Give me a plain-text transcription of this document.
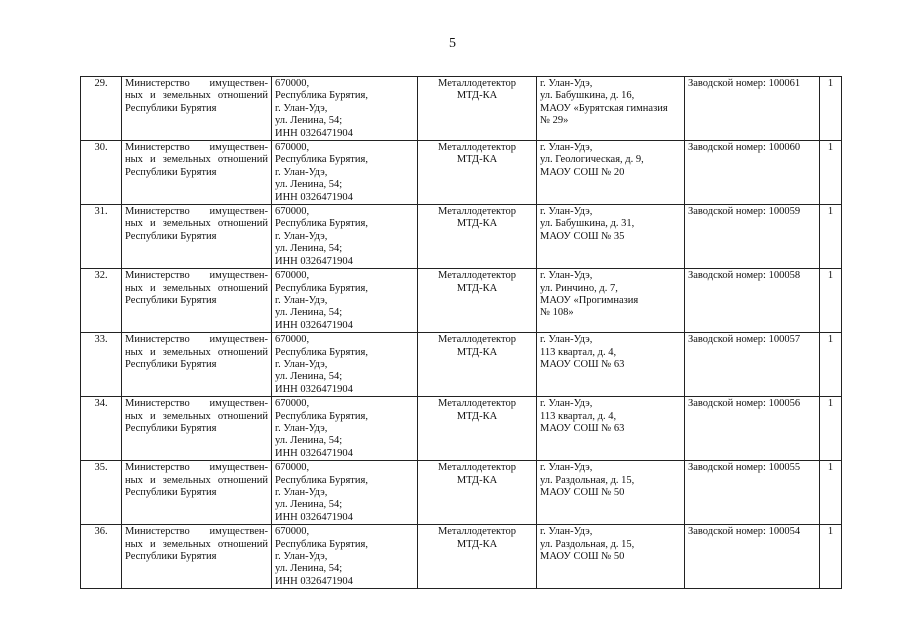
5
29.	Министерство имуществен-
ных и земельных отношений
Республики Бурятия	670000,
Республика Бурятия,
г. Улан-Удэ,
ул. Ленина, 54;
ИНН 0326471904	Металлодетектор
МТД-КА	г. Улан-Удэ,
ул. Бабушкина, д. 16,
МАОУ «Бурятская гимназия
№ 29»	Заводской номер: 100061	1
30.	Министерство имуществен-
ных и земельных отношений
Республики Бурятия	670000,
Республика Бурятия,
г. Улан-Удэ,
ул. Ленина, 54;
ИНН 0326471904	Металлодетектор
МТД-КА	г. Улан-Удэ,
ул. Геологическая, д. 9,
МАОУ СОШ № 20	Заводской номер: 100060	1
31.	Министерство имуществен-
ных и земельных отношений
Республики Бурятия	670000,
Республика Бурятия,
г. Улан-Удэ,
ул. Ленина, 54;
ИНН 0326471904	Металлодетектор
МТД-КА	г. Улан-Удэ,
ул. Бабушкина, д. 31,
МАОУ СОШ № 35	Заводской номер: 100059	1
32.	Министерство имуществен-
ных и земельных отношений
Республики Бурятия	670000,
Республика Бурятия,
г. Улан-Удэ,
ул. Ленина, 54;
ИНН 0326471904	Металлодетектор
МТД-КА	г. Улан-Удэ,
ул. Ринчино, д. 7,
МАОУ «Прогимназия
№ 108»	Заводской номер: 100058	1
33.	Министерство имуществен-
ных и земельных отношений
Республики Бурятия	670000,
Республика Бурятия,
г. Улан-Удэ,
ул. Ленина, 54;
ИНН 0326471904	Металлодетектор
МТД-КА	г. Улан-Удэ,
113 квартал, д. 4,
МАОУ СОШ № 63	Заводской номер: 100057	1
34.	Министерство имуществен-
ных и земельных отношений
Республики Бурятия	670000,
Республика Бурятия,
г. Улан-Удэ,
ул. Ленина, 54;
ИНН 0326471904	Металлодетектор
МТД-КА	г. Улан-Удэ,
113 квартал, д. 4,
МАОУ СОШ № 63	Заводской номер: 100056	1
35.	Министерство имуществен-
ных и земельных отношений
Республики Бурятия	670000,
Республика Бурятия,
г. Улан-Удэ,
ул. Ленина, 54;
ИНН 0326471904	Металлодетектор
МТД-КА	г. Улан-Удэ,
ул. Раздольная, д. 15,
МАОУ СОШ № 50	Заводской номер: 100055	1
36.	Министерство имуществен-
ных и земельных отношений
Республики Бурятия	670000,
Республика Бурятия,
г. Улан-Удэ,
ул. Ленина, 54;
ИНН 0326471904	Металлодетектор
МТД-КА	г. Улан-Удэ,
ул. Раздольная, д. 15,
МАОУ СОШ № 50	Заводской номер: 100054	1
